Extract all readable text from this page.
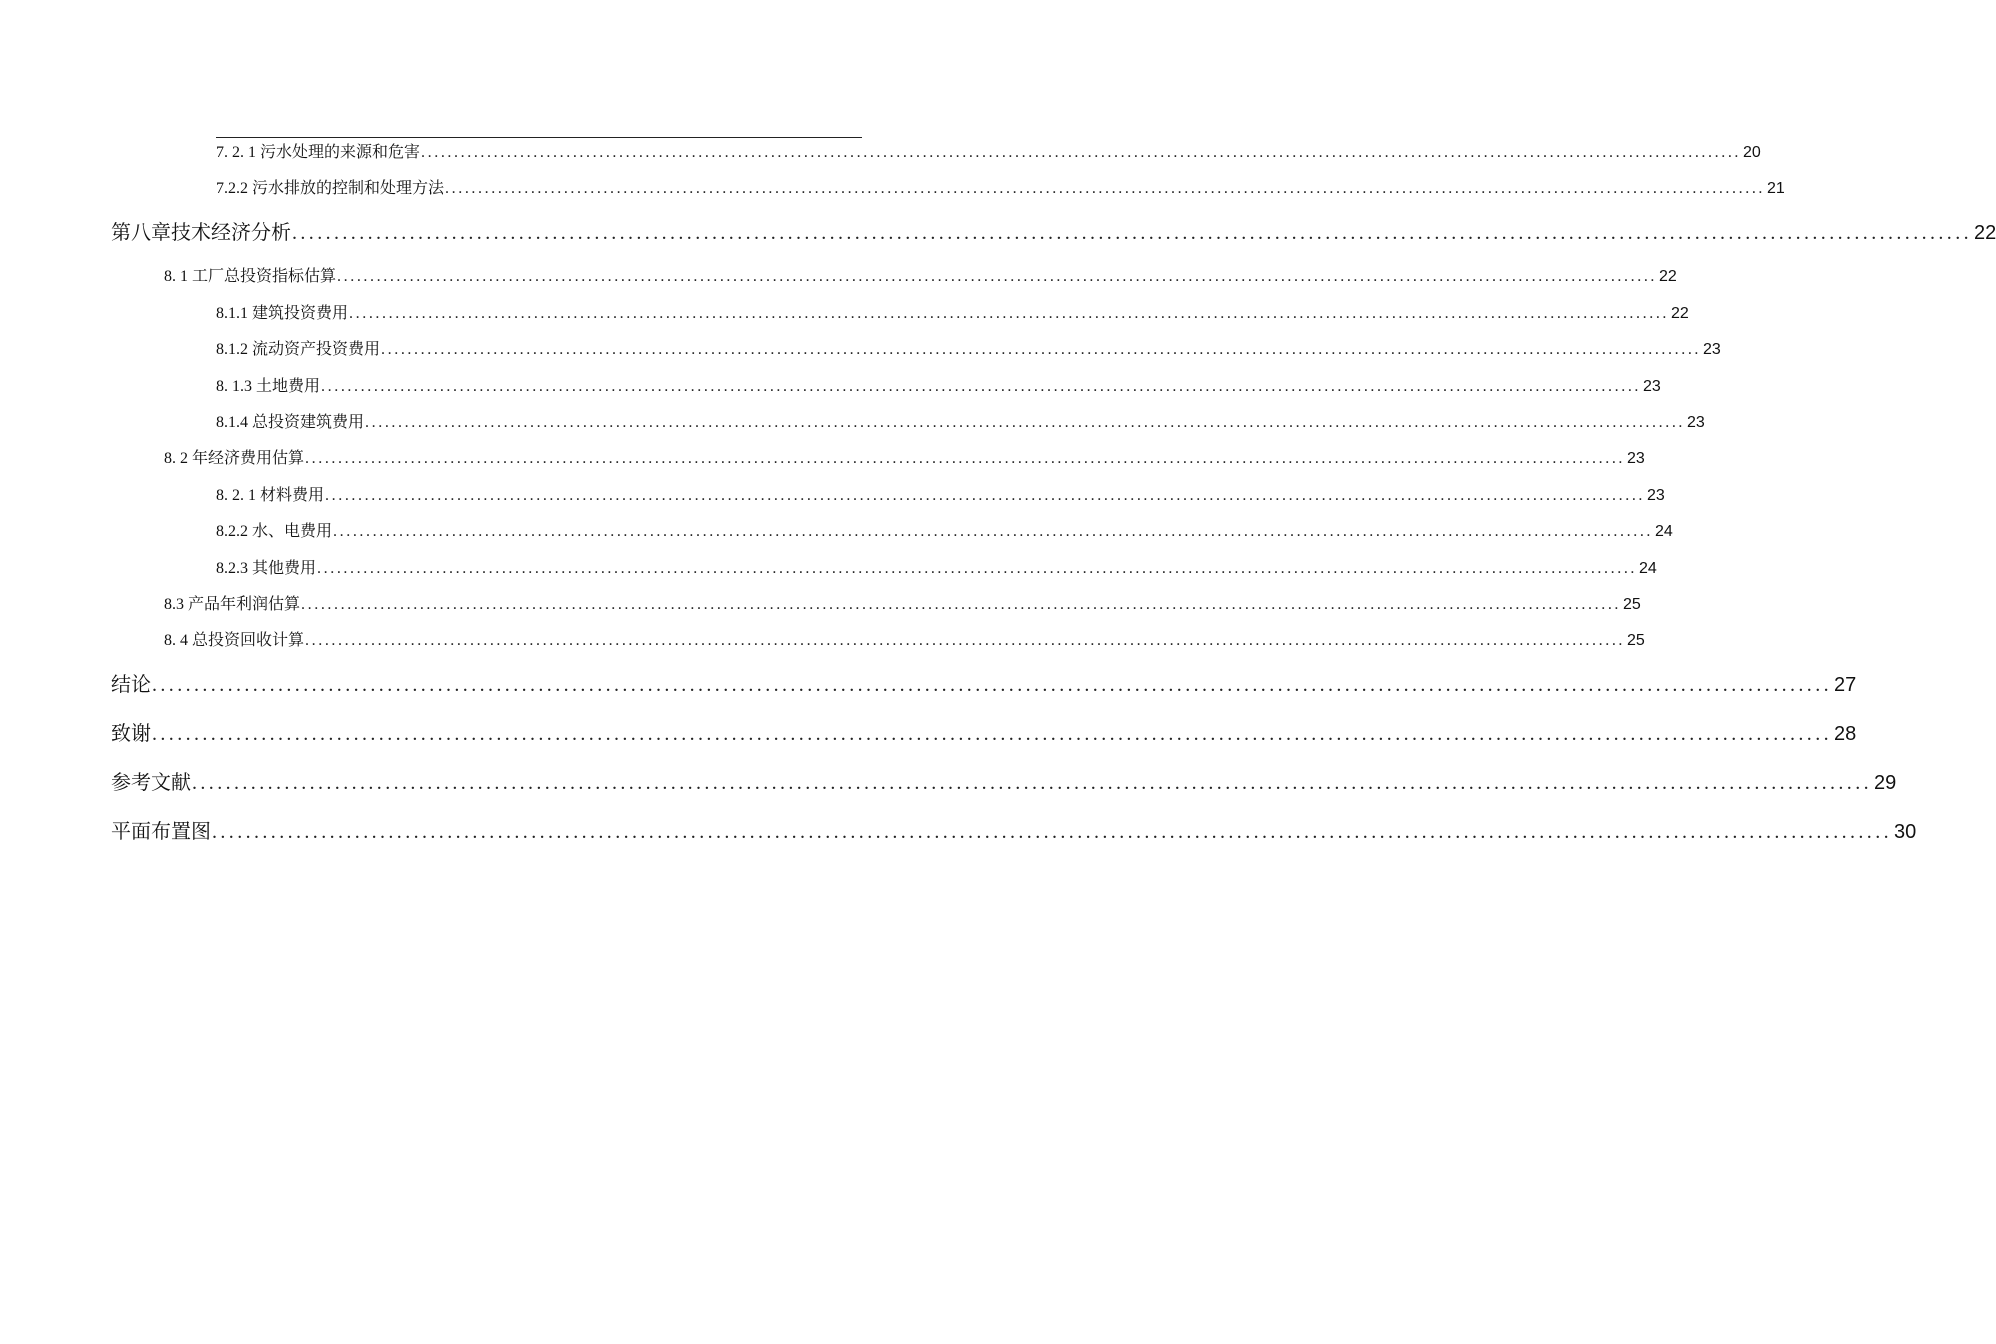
7. 2. 1 污水处理的来源和危害 ........................................................................................................................................................................................................ 20
7.2.2 污水排放的控制和处理方法 ........................................................................................................................................................................................................ 21
第八章技术经济分析 ........................................................................................................................................................................................................ 22
8. 1 工厂总投资指标估算 ........................................................................................................................................................................................................ 22
8.1.1 建筑投资费用 ........................................................................................................................................................................................................ 22
8.1.2 流动资产投资费用 ........................................................................................................................................................................................................ 23
8. 1.3 土地费用 ........................................................................................................................................................................................................ 23
8.1.4 总投资建筑费用 ........................................................................................................................................................................................................ 23
8. 2 年经济费用估算 ........................................................................................................................................................................................................ 23
8. 2. 1 材料费用 ........................................................................................................................................................................................................ 23
8.2.2 水、电费用 ........................................................................................................................................................................................................ 24
8.2.3 其他费用 ........................................................................................................................................................................................................ 24
8.3 产品年利润估算 ........................................................................................................................................................................................................ 25
8. 4 总投资回收计算 ........................................................................................................................................................................................................ 25
结论 ........................................................................................................................................................................................................ 27
致谢 ........................................................................................................................................................................................................ 28
参考文献 ........................................................................................................................................................................................................ 29
平面布置图 ........................................................................................................................................................................................................ 30
